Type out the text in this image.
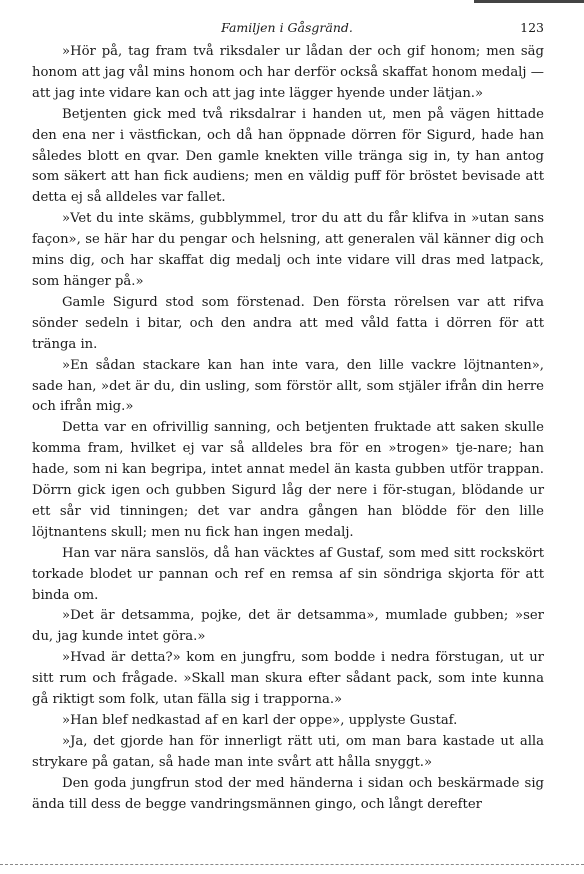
Familjen i Gåsgränd.	123

»Hör på, tag fram två riksdaler ur lådan der och gif honom; men säg honom att jag vål mins honom och har derför också skaffat honom medalj — att jag inte vidare kan och att jag inte lägger hyende under lätjan.»

Betjenten gick med två riksdalrar i handen ut, men på vägen hittade den ena ner i västfickan, och då han öppnade dörren för Sigurd, hade han således blott en qvar. Den gamle knekten ville tränga sig in, ty han antog som säkert att han fick audiens; men en väldig puff för bröstet bevisade att detta ej så alldeles var fallet.

»Vet du inte skäms, gubblymmel, tror du att du får klifva in »utan sans façon», se här har du pengar och helsning, att generalen väl känner dig och mins dig, och har skaffat dig medalj och inte vidare vill dras med latpack, som hänger på.»

Gamle Sigurd stod som förstenad. Den första rörelsen var att rifva sönder sedeln i bitar, och den andra att med våld fatta i dörren för att tränga in.

»En sådan stackare kan han inte vara, den lille vackre löjtnanten», sade han, »det är du, din usling, som förstör allt, som stjäler ifrån din herre och ifrån mig.»

Detta var en ofrivillig sanning, och betjenten fruktade att saken skulle komma fram, hvilket ej var så alldeles bra för en »trogen» tje-nare; han hade, som ni kan begripa, intet annat medel än kasta gubben utför trappan. Dörrn gick igen och gubben Sigurd låg der nere i för-stugan, blödande ur ett sår vid tinningen; det var andra gången han blödde för den lille löjtnantens skull; men nu fick han ingen medalj.

Han var nära sanslös, då han väcktes af Gustaf, som med sitt rockskört torkade blodet ur pannan och ref en remsa af sin söndriga skjorta för att binda om.

»Det är detsamma, pojke, det är detsamma», mumlade gubben; »ser du, jag kunde intet göra.»

»Hvad är detta?» kom en jungfru, som bodde i nedra förstugan, ut ur sitt rum och frågade. »Skall man skura efter sådant pack, som inte kunna gå riktigt som folk, utan fälla sig i trapporna.»

»Han blef nedkastad af en karl der oppe», upplyste Gustaf.

»Ja, det gjorde han för innerligt rätt uti, om man bara kastade ut alla strykare på gatan, så hade man inte svårt att hålla snyggt.»

Den goda jungfrun stod der med händerna i sidan och beskärmade sig ända till dess de begge vandringsmännen gingo, och långt derefter
